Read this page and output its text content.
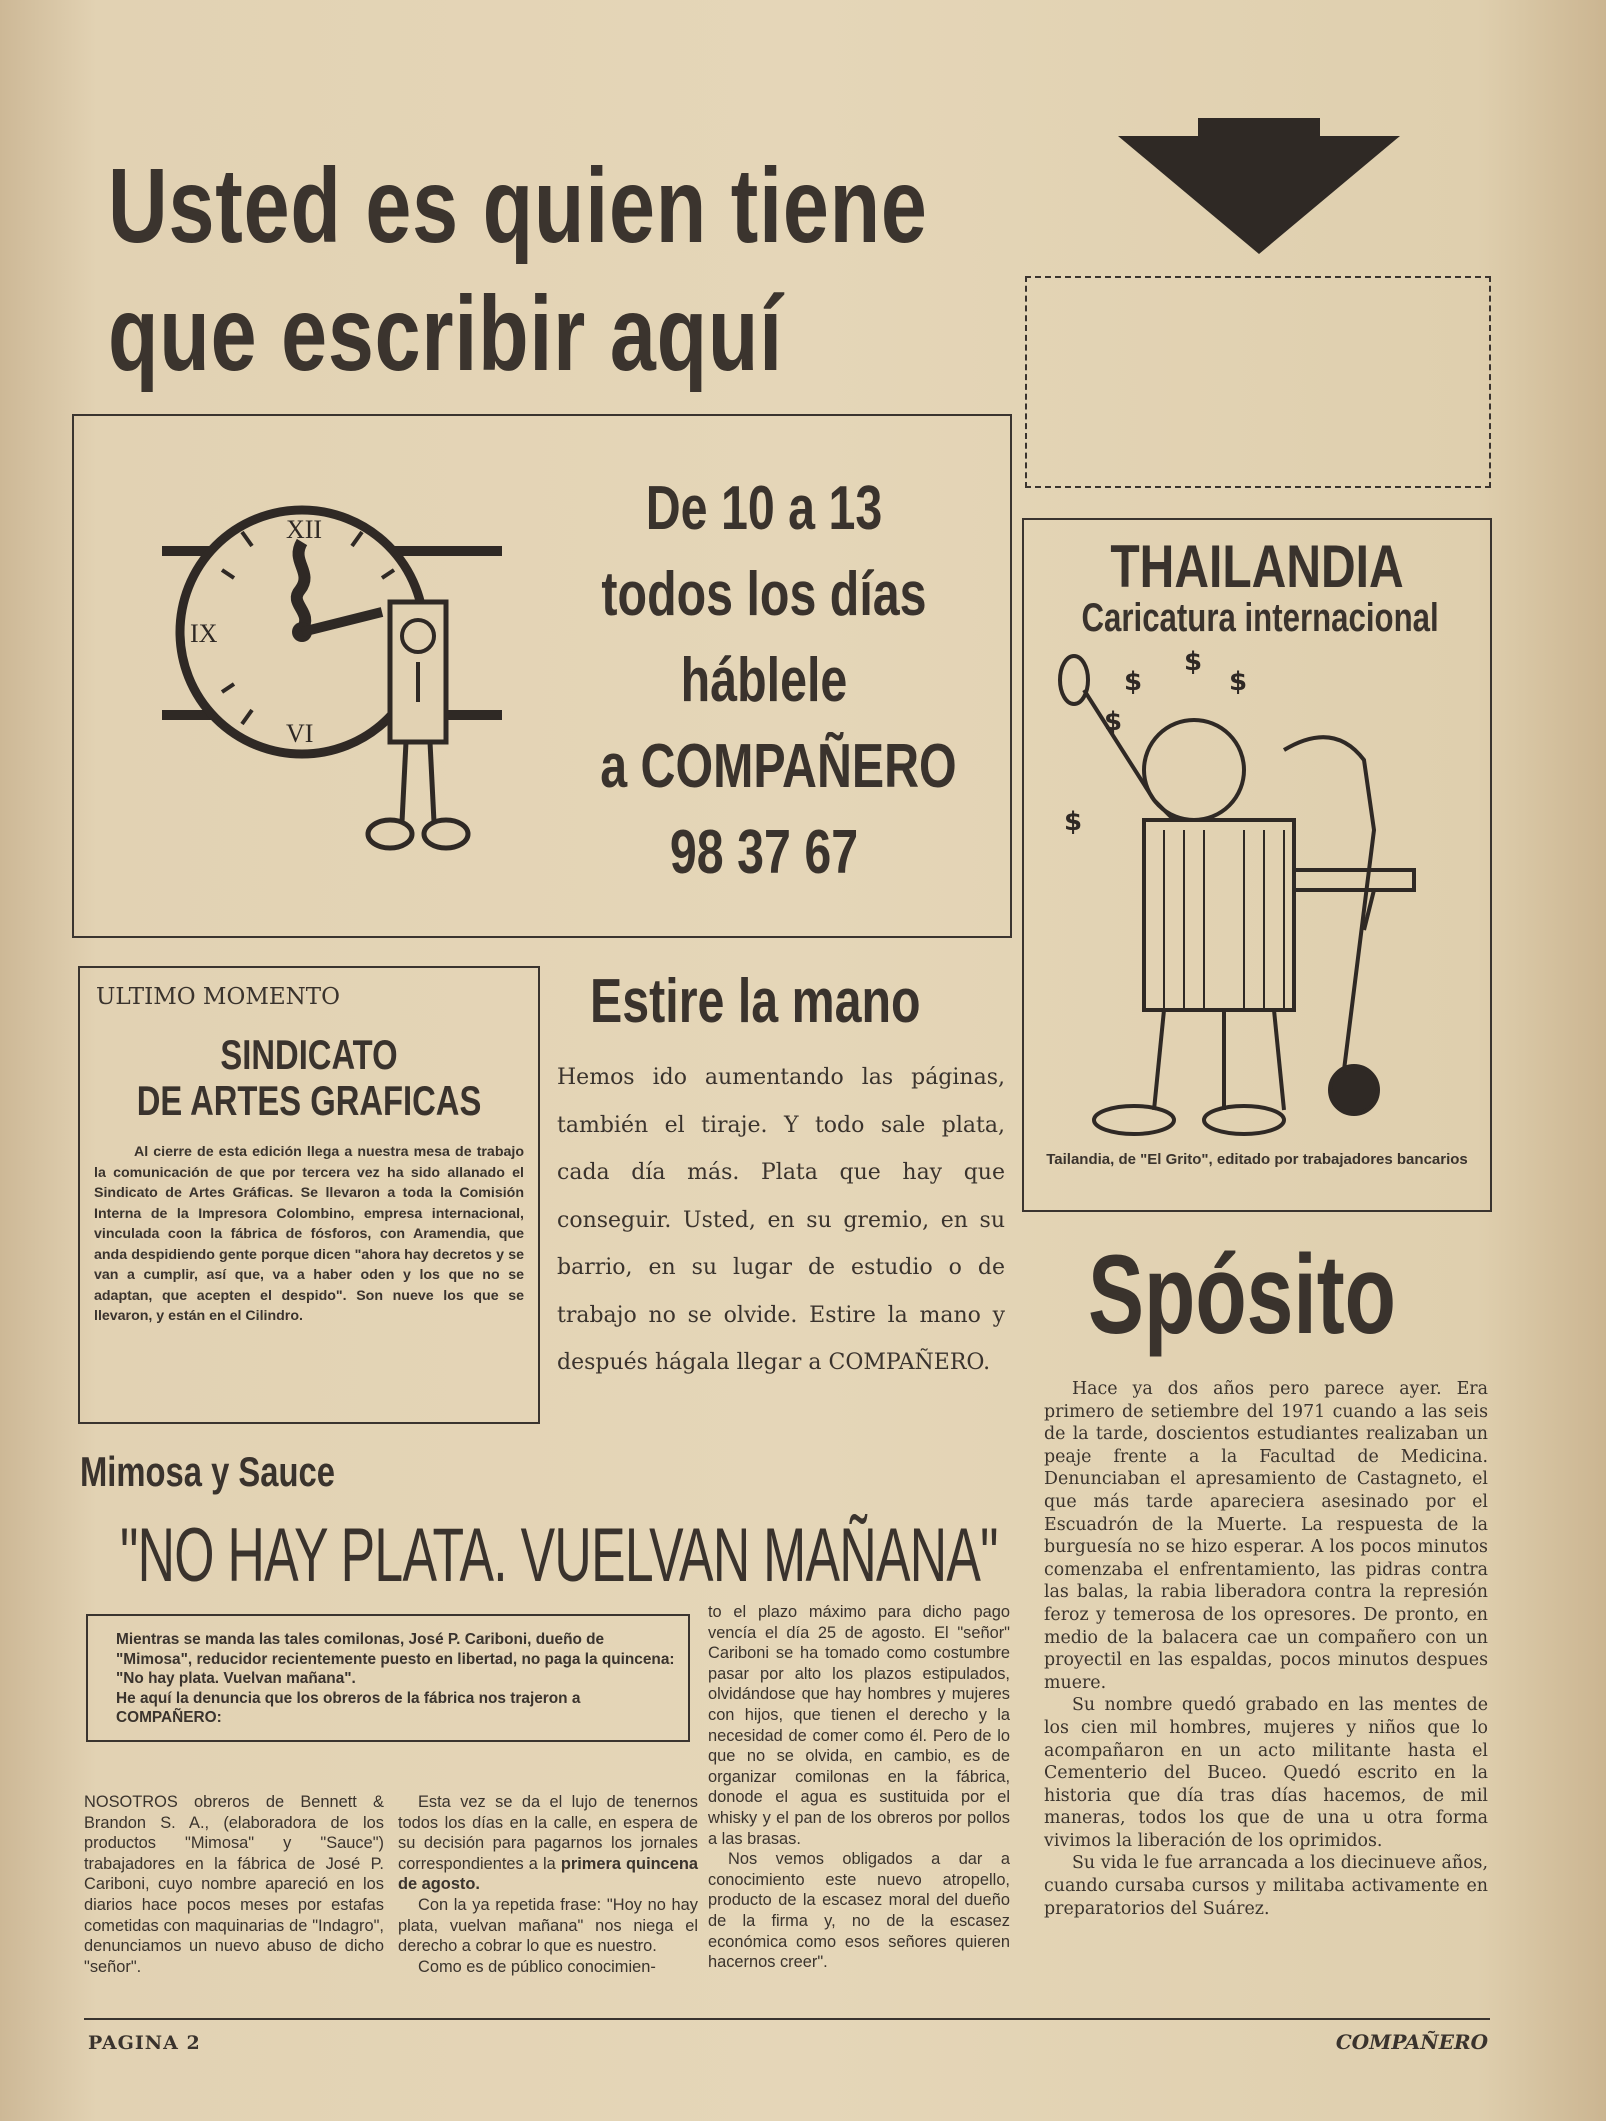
Usted es quien tiene
que escribir aquí
XII
IX
VI
De 10 a 13
todos los días
háblele
a COMPAÑERO
98 37 67
THAILANDIA
Caricatura internacional
$
$
$
$
$
Tailandia, de "El Grito", editado por trabajadores bancarios
ULTIMO MOMENTO
SINDICATO
DE ARTES GRAFICAS
Al cierre de esta edición llega a nuestra mesa de trabajo la comunicación de que por tercera vez ha sido allanado el Sindicato de Artes Gráficas. Se llevaron a toda la Comisión Interna de la Impresora Colombino, empresa internacional, vinculada coon la fábrica de fósforos, con Aramendia, que anda despidiendo gente porque dicen "ahora hay decretos y se van a cumplir, así que, va a haber oden y los que no se adaptan, que acepten el despido". Son nueve los que se llevaron, y están en el Cilindro.
Estire la mano
Hemos ido aumentando las páginas, también el tiraje. Y todo sale plata, cada día más. Plata que hay que conseguir. Usted, en su gremio, en su barrio, en su lugar de estudio o de trabajo no se olvide. Estire la mano y después hágala llegar a COMPAÑERO.
Spósito

Hace ya dos años pero parece ayer. Era primero de setiembre del 1971 cuando a las seis de la tarde, doscientos estudiantes realizaban un peaje frente a la Facultad de Medicina. Denunciaban el apresamiento de Castagneto, el que más tarde apareciera asesinado por el Escuadrón de la Muerte. La respuesta de la burguesía no se hizo esperar. A los pocos minutos comenzaba el enfrentamiento, las pidras contra las balas, la rabia liberadora contra la represión feroz y temerosa de los opresores. De pronto, en medio de la balacera cae un compañero con un proyectil en las espaldas, pocos minutos despues muere.

Su nombre quedó grabado en las mentes de los cien mil hombres, mujeres y niños que lo acompañaron en un acto militante hasta el Cementerio del Buceo. Quedó escrito en la historia que día tras días hacemos, de mil maneras, todos los que de una u otra forma vivimos la liberación de los oprimidos.

Su vida le fue arrancada a los diecinueve años, cuando cursaba cursos y militaba activamente en preparatorios del Suárez.

Mimosa y Sauce
"NO HAY PLATA. VUELVAN MAÑANA"
Mientras se manda las tales comilonas, José P. Cariboni, dueño de "Mimosa", reducidor recientemente puesto en libertad, no paga la quincena: "No hay plata. Vuelvan mañana".
He aquí la denuncia que los obreros de la fábrica nos trajeron a COMPAÑERO:
NOSOTROS obreros de Bennett & Brandon S. A., (elaboradora de los productos "Mimosa" y "Sauce") trabajadores en la fábrica de José P. Cariboni, cuyo nombre apareció en los diarios hace pocos meses por estafas cometidas con maquinarias de "Indagro", denunciamos un nuevo abuso de dicho "señor".

Esta vez se da el lujo de tenernos todos los días en la calle, en espera de su decisión para pagarnos los jornales correspondientes a la primera quincena de agosto.

Con la ya repetida frase: "Hoy no hay plata, vuelvan mañana" nos niega el derecho a cobrar lo que es nuestro.

Como es de público conocimien-

to el plazo máximo para dicho pago vencía el día 25 de agosto. El "señor" Cariboni se ha tomado como costumbre pasar por alto los plazos estipulados, olvidándose que hay hombres y mujeres con hijos, que tienen el derecho y la necesidad de comer como él. Pero de lo que no se olvida, en cambio, es de organizar comilonas en la fábrica, donode el agua es sustituida por el whisky y el pan de los obreros por pollos a las brasas.

Nos vemos obligados a dar a conocimiento este nuevo atropello, producto de la escasez moral del dueño de la firma y, no de la escasez económica como esos señores quieren hacernos creer".

PAGINA 2	COMPAÑERO
